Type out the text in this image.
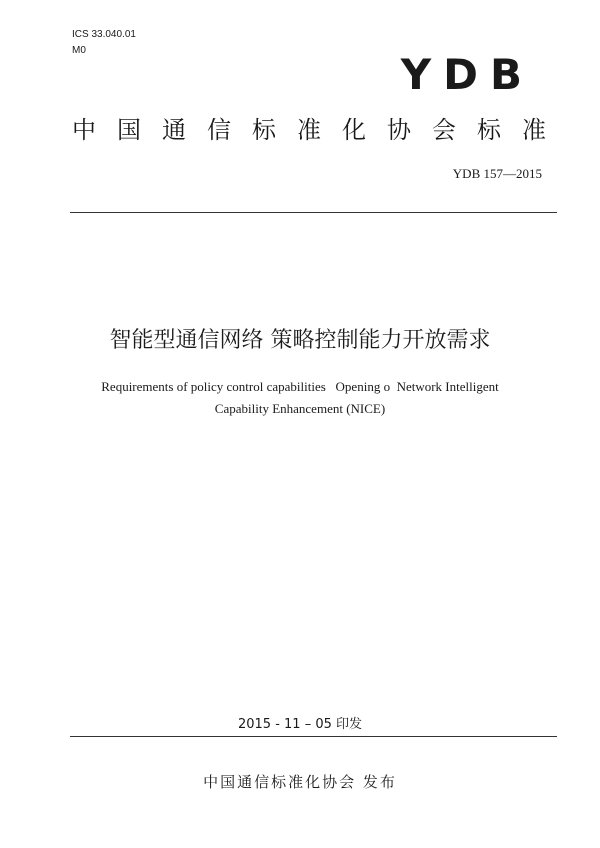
ICS 33.040.01
M0	YDB
中国通信标准化协会标准
YDB 157—2015
智能型通信网络 策略控制能力开放需求
Requirements of policy control capabilities   Opening o  Network Intelligent
Capability Enhancement (NICE)
2015 - 11 – 05 印发
中国通信标准化协会 发布
